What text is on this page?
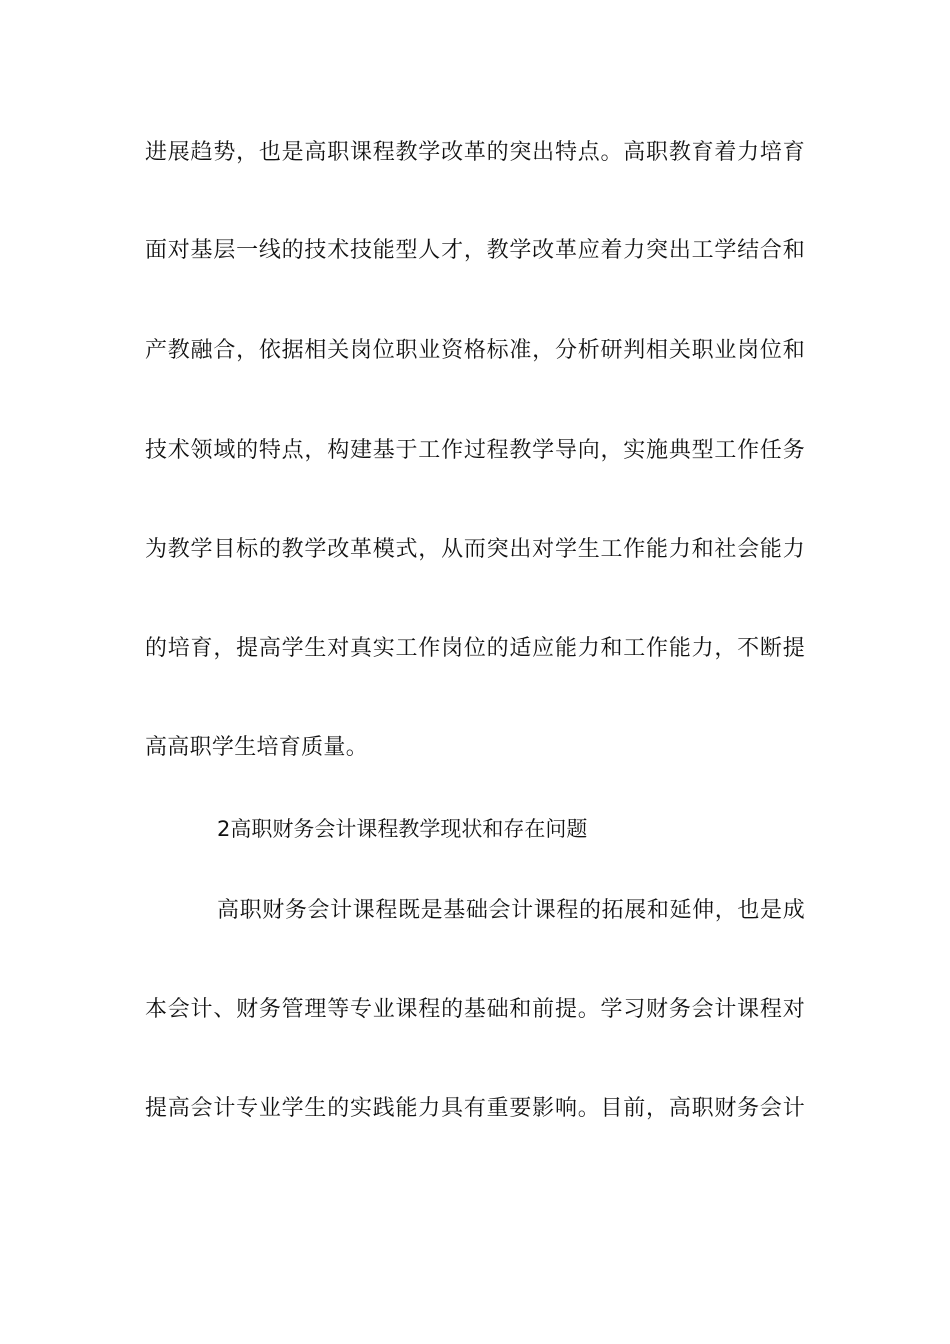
进展趋势，也是高职课程教学改革的突出特点。高职教育着力培育
面对基层一线的技术技能型人才，教学改革应着力突出工学结合和
产教融合，依据相关岗位职业资格标准，分析研判相关职业岗位和
技术领域的特点，构建基于工作过程教学导向，实施典型工作任务
为教学目标的教学改革模式，从而突出对学生工作能力和社会能力
的培育，提高学生对真实工作岗位的适应能力和工作能力，不断提
高高职学生培育质量。
2高职财务会计课程教学现状和存在问题
高职财务会计课程既是基础会计课程的拓展和延伸，也是成
本会计、财务管理等专业课程的基础和前提。学习财务会计课程对
提高会计专业学生的实践能力具有重要影响。目前，高职财务会计
